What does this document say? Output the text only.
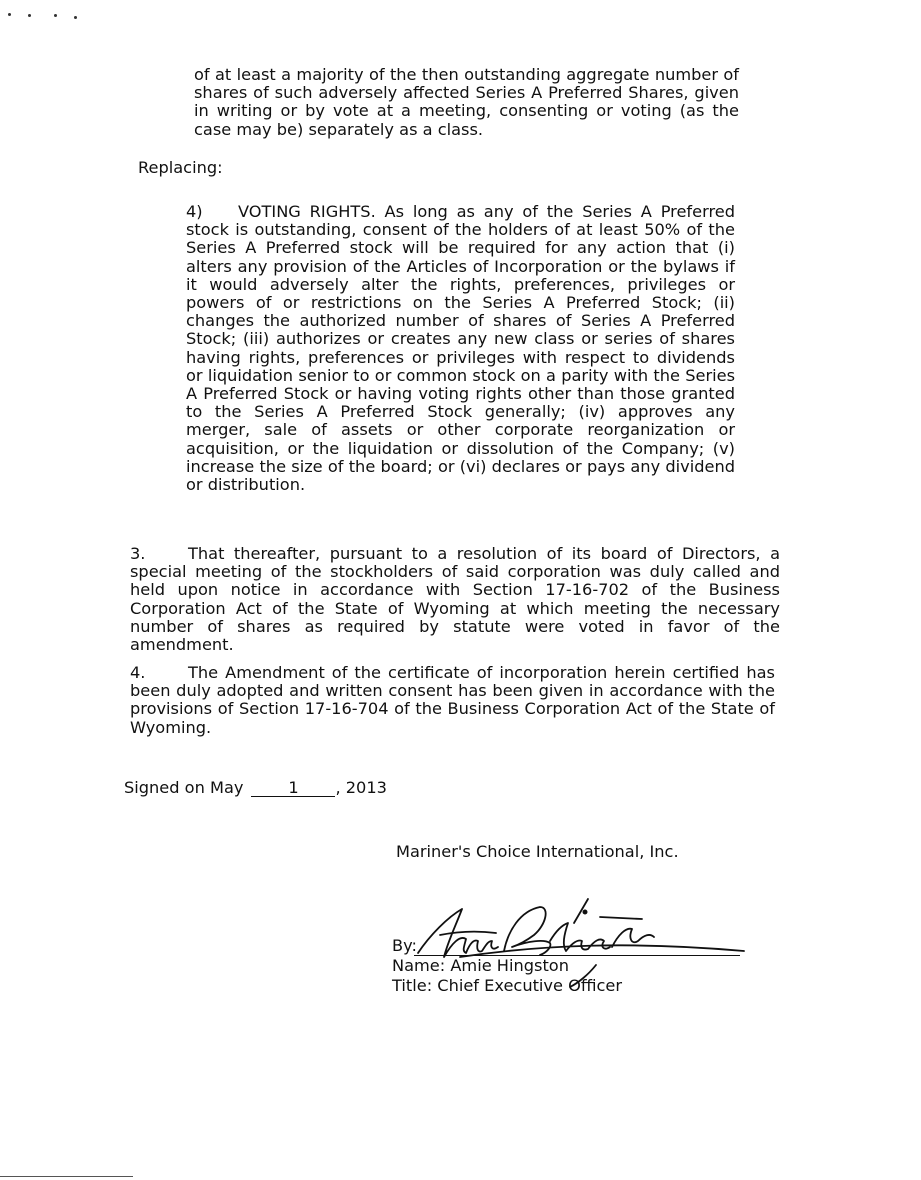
of at least a majority of the then outstanding aggregate number of shares of such adversely affected Series A Preferred Shares, given in writing or by vote at a meeting, consenting or voting (as the case may be) separately as a class.

Replacing:

4) VOTING RIGHTS. As long as any of the Series A Preferred stock is outstanding, consent of the holders of at least 50% of the Series A Preferred stock will be required for any action that (i) alters any provision of the Articles of Incorporation or the bylaws if it would adversely alter the rights, preferences, privileges or powers of or restrictions on the Series A Preferred Stock; (ii) changes the authorized number of shares of Series A Preferred Stock; (iii) authorizes or creates any new class or series of shares having rights, preferences or privileges with respect to dividends or liquidation senior to or common stock on a parity with the Series A Preferred Stock or having voting rights other than those granted to the Series A Preferred Stock generally; (iv) approves any merger, sale of assets or other corporate reorganization or acquisition, or the liquidation or dissolution of the Company; (v) increase the size of the board; or (vi) declares or pays any dividend or distribution.

3.	That thereafter, pursuant to a resolution of its board of Directors, a special meeting of the stockholders of said corporation was duly called and held upon notice in accordance with Section 17-16-702 of the Business Corporation Act of the State of Wyoming at which meeting the necessary number of shares as required by statute were voted in favor of the amendment.

4.	The Amendment of the certificate of incorporation herein certified has been duly adopted and written consent has been given in accordance with the provisions of Section 17-16-704 of the Business Corporation Act of the State of Wyoming.

Signed on May	1 , 2013
Mariner's Choice International, Inc.
By:
Name: Amie Hingston
Title: Chief Executive Officer
